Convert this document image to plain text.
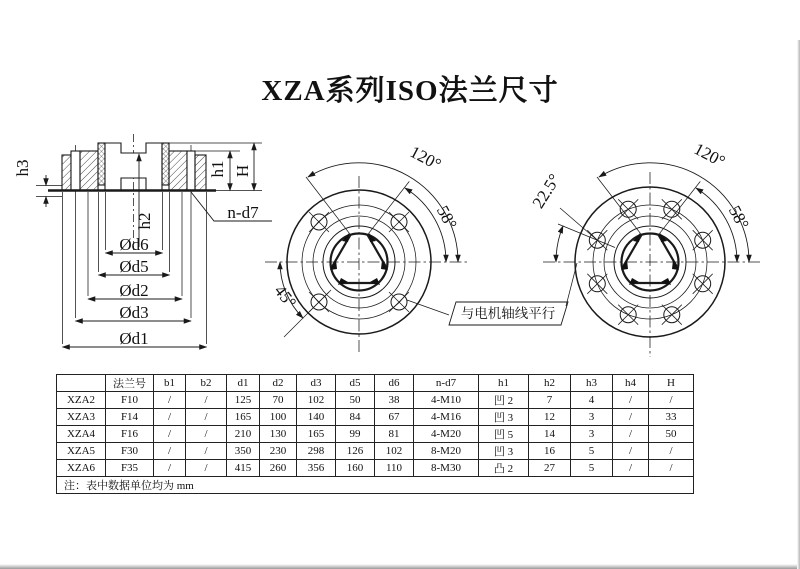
XZA系列ISO法兰尺寸
h3
h2
h1 H
n-d7
Ød6
Ød5
Ød2
Ød3
Ød1
120°
58°
45°
120°
58°
22.5°
与电机轴线平行
	法兰号	b1	b2	d1	d2	d3	d5	d6	n-d7	h1	h2	h3	h4	H
XZA2	F10	/	/	125	70	102	50	38	4-M10	凹 2	7	4	/	/
XZA3	F14	/	/	165	100	140	84	67	4-M16	凹 3	12	3	/	33
XZA4	F16	/	/	210	130	165	99	81	4-M20	凹 5	14	3	/	50
XZA5	F30	/	/	350	230	298	126	102	8-M20	凹 3	16	5	/	/
XZA6	F35	/	/	415	260	356	160	110	8-M30	凸 2	27	5	/	/
注：表中数据单位均为 mm														
